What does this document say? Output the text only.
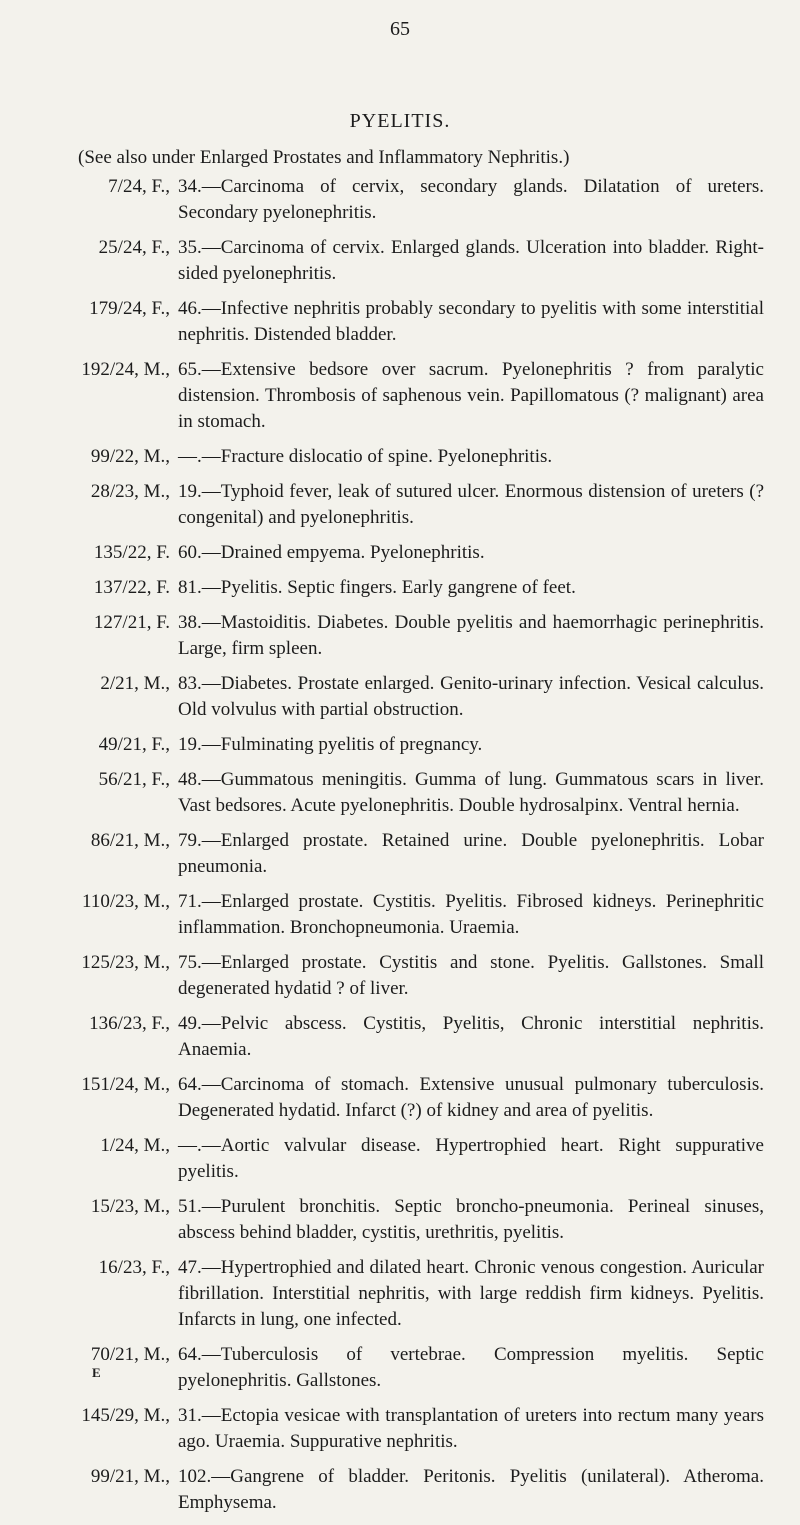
65
PYELITIS.
(See also under Enlarged Prostates and Inflammatory Nephritis.)
7/24, F., 34.—Carcinoma of cervix, secondary glands. Dilatation of ureters. Secondary pyelonephritis.
25/24, F., 35.—Carcinoma of cervix. Enlarged glands. Ulceration into bladder. Right-sided pyelonephritis.
179/24, F., 46.—Infective nephritis probably secondary to pyelitis with some interstitial nephritis. Distended bladder.
192/24, M., 65.—Extensive bedsore over sacrum. Pyelonephritis ? from paralytic distension. Thrombosis of saphenous vein. Papillomatous (? malignant) area in stomach.
99/22, M., —.—Fracture dislocatio of spine. Pyelonephritis.
28/23, M., 19.—Typhoid fever, leak of sutured ulcer. Enormous distension of ureters (? congenital) and pyelonephritis.
135/22, F. 60.—Drained empyema. Pyelonephritis.
137/22, F. 81.—Pyelitis. Septic fingers. Early gangrene of feet.
127/21, F. 38.—Mastoiditis. Diabetes. Double pyelitis and haemorrhagic perinephritis. Large, firm spleen.
2/21, M., 83.—Diabetes. Prostate enlarged. Genito-urinary infection. Vesical calculus. Old volvulus with partial obstruction.
49/21, F., 19.—Fulminating pyelitis of pregnancy.
56/21, F., 48.—Gummatous meningitis. Gumma of lung. Gummatous scars in liver. Vast bedsores. Acute pyelonephritis. Double hydrosalpinx. Ventral hernia.
86/21, M., 79.—Enlarged prostate. Retained urine. Double pyelonephritis. Lobar pneumonia.
110/23, M., 71.—Enlarged prostate. Cystitis. Pyelitis. Fibrosed kidneys. Perinephritic inflammation. Bronchopneumonia. Uraemia.
125/23, M., 75.—Enlarged prostate. Cystitis and stone. Pyelitis. Gallstones. Small degenerated hydatid ? of liver.
136/23, F., 49.—Pelvic abscess. Cystitis, Pyelitis, Chronic interstitial nephritis. Anaemia.
151/24, M., 64.—Carcinoma of stomach. Extensive unusual pulmonary tuberculosis. Degenerated hydatid. Infarct (?) of kidney and area of pyelitis.
1/24, M., —.—Aortic valvular disease. Hypertrophied heart. Right suppurative pyelitis.
15/23, M., 51.—Purulent bronchitis. Septic broncho-pneumonia. Perineal sinuses, abscess behind bladder, cystitis, urethritis, pyelitis.
16/23, F., 47.—Hypertrophied and dilated heart. Chronic venous congestion. Auricular fibrillation. Interstitial nephritis, with large reddish firm kidneys. Pyelitis. Infarcts in lung, one infected.
70/21, M., 64.—Tuberculosis of vertebrae. Compression myelitis. Septic pyelonephritis. Gallstones.
145/29, M., 31.—Ectopia vesicae with transplantation of ureters into rectum many years ago. Uraemia. Suppurative nephritis.
99/21, M., 102.—Gangrene of bladder. Peritonis. Pyelitis (unilateral). Atheroma. Emphysema.
E
